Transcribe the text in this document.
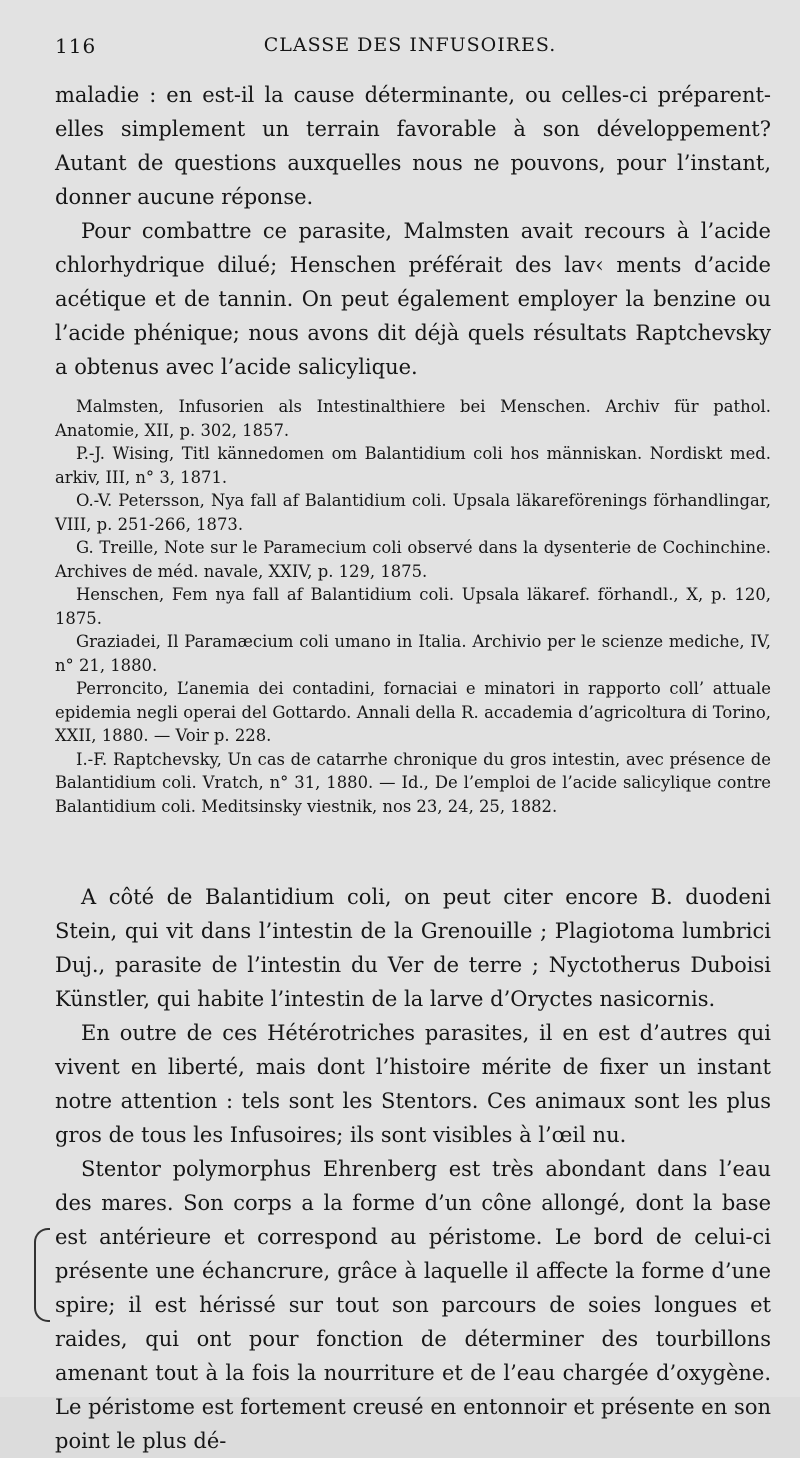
116	CLASSE DES INFUSOIRES.

maladie : en est-il la cause déterminante, ou celles-ci préparent-elles simplement un terrain favorable à son développement? Autant de questions auxquelles nous ne pouvons, pour l’instant, donner aucune réponse.

Pour combattre ce parasite, Malmsten avait recours à l’acide chlorhydrique dilué; Henschen préférait des lav‹ ments d’acide acétique et de tannin. On peut également employer la benzine ou l’acide phénique; nous avons dit déjà quels résultats Raptchevsky a obtenus avec l’acide salicylique.

Malmsten, Infusorien als Intestinalthiere bei Menschen. Archiv für pathol. Anatomie, XII, p. 302, 1857.

P.-J. Wising, Titl kännedomen om Balantidium coli hos människan. Nordiskt med. arkiv, III, n° 3, 1871.

O.-V. Petersson, Nya fall af Balantidium coli. Upsala läkareförenings förhandlingar, VIII, p. 251-266, 1873.

G. Treille, Note sur le Paramecium coli observé dans la dysenterie de Cochinchine. Archives de méd. navale, XXIV, p. 129, 1875.

Henschen, Fem nya fall af Balantidium coli. Upsala läkaref. förhandl., X, p. 120, 1875.

Graziadei, Il Paramæcium coli umano in Italia. Archivio per le scienze mediche, IV, n° 21, 1880.

Perroncito, L’anemia dei contadini, fornaciai e minatori in rapporto coll’ attuale epidemia negli operai del Gottardo. Annali della R. accademia d’agricoltura di Torino, XXII, 1880. — Voir p. 228.

I.-F. Raptchevsky, Un cas de catarrhe chronique du gros intestin, avec présence de Balantidium coli. Vratch, n° 31, 1880. — Id., De l’emploi de l’acide salicylique contre Balantidium coli. Meditsinsky viestnik, nos 23, 24, 25, 1882.

A côté de Balantidium coli, on peut citer encore B. duodeni Stein, qui vit dans l’intestin de la Grenouille ; Plagiotoma lumbrici Duj., parasite de l’intestin du Ver de terre ; Nyctotherus Duboisi Künstler, qui habite l’intestin de la larve d’Oryctes nasicornis.

En outre de ces Hétérotriches parasites, il en est d’autres qui vivent en liberté, mais dont l’histoire mérite de fixer un instant notre attention : tels sont les Stentors. Ces animaux sont les plus gros de tous les Infusoires; ils sont visibles à l’œil nu.

Stentor polymorphus Ehrenberg est très abondant dans l’eau des mares. Son corps a la forme d’un cône allongé, dont la base est antérieure et correspond au péristome. Le bord de celui-ci présente une échancrure, grâce à laquelle il affecte la forme d’une spire; il est hérissé sur tout son parcours de soies longues et raides, qui ont pour fonction de déterminer des tourbillons amenant tout à la fois la nourriture et de l’eau chargée d’oxygène. Le péristome est fortement creusé en entonnoir et présente en son point le plus dé-
